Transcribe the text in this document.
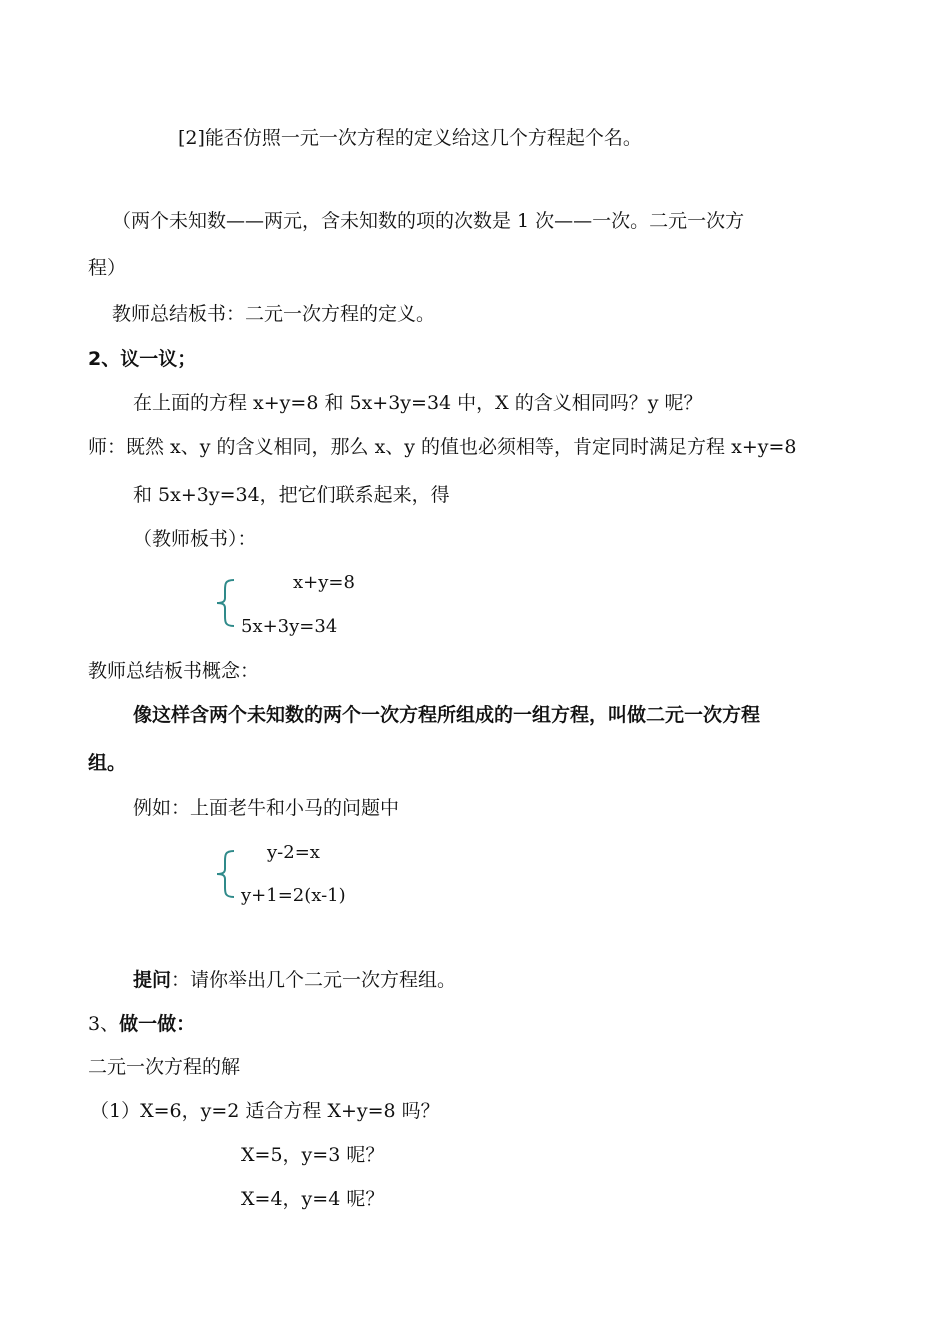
[2]能否仿照一元一次方程的定义给这几个方程起个名。
（两个未知数——两元，含未知数的项的次数是 1 次——一次。二元一次方
程）
教师总结板书：二元一次方程的定义。
2、议一议；
在上面的方程 x+y=8 和 5x+3y=34 中，X 的含义相同吗？y 呢？
师：既然 x、y 的含义相同，那么 x、y 的值也必须相等，肯定同时满足方程 x+y=8
和 5x+3y=34，把它们联系起来，得
（教师板书）：
x+y=8
5x+3y=34
教师总结板书概念：
像这样含两个未知数的两个一次方程所组成的一组方程，叫做二元一次方程
组。
例如：上面老牛和小马的问题中
y-2=x
y+1=2(x-1)
提问：请你举出几个二元一次方程组。
3、做一做：
二元一次方程的解
（1）X=6，y=2 适合方程 X+y=8 吗？
X=5，y=3 呢？
X=4，y=4 呢？
